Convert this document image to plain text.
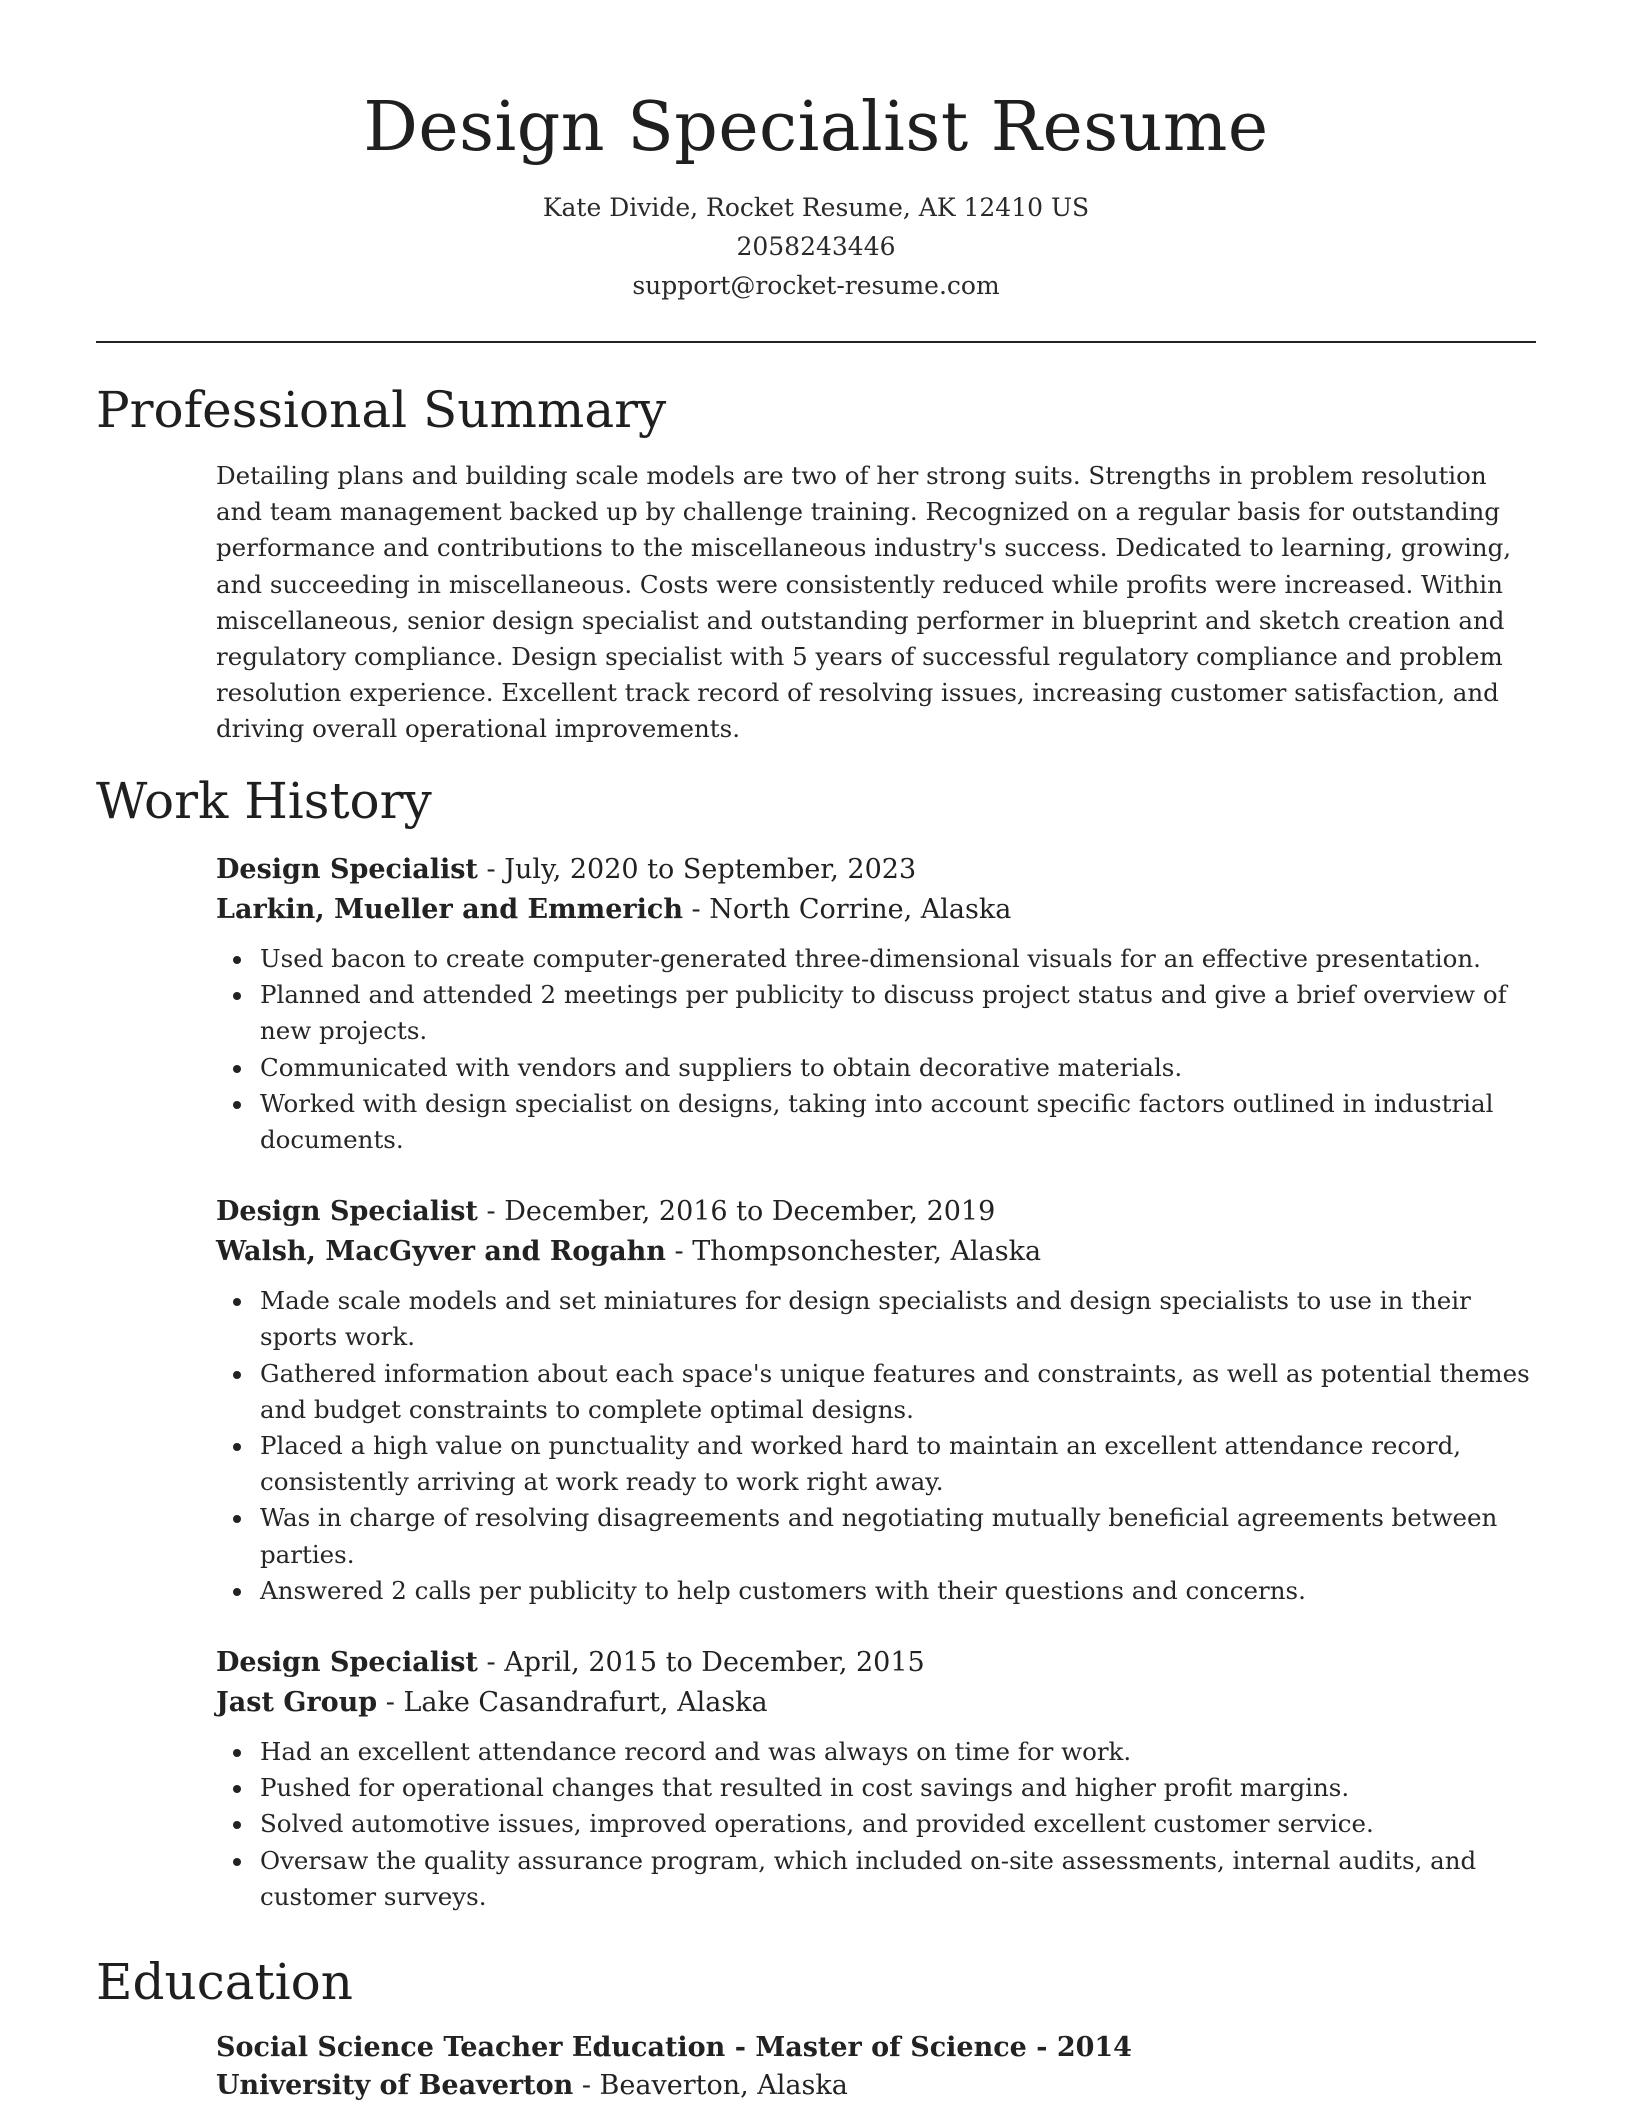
Design Specialist Resume
Kate Divide, Rocket Resume, AK 12410 US
2058243446
support@rocket-resume.com
Professional Summary

Detailing plans and building scale models are two of her strong suits. Strengths in problem resolution and team management backed up by challenge training. Recognized on a regular basis for outstanding performance and contributions to the miscellaneous industry's success. Dedicated to learning, growing, and succeeding in miscellaneous. Costs were consistently reduced while profits were increased. Within miscellaneous, senior design specialist and outstanding performer in blueprint and sketch creation and regulatory compliance. Design specialist with 5 years of successful regulatory compliance and problem resolution experience. Excellent track record of resolving issues, increasing customer satisfaction, and driving overall operational improvements.

Work History
Design Specialist - July, 2020 to September, 2023
Larkin, Mueller and Emmerich - North Corrine, Alaska
Used bacon to create computer-generated three-dimensional visuals for an effective presentation.
Planned and attended 2 meetings per publicity to discuss project status and give a brief overview of new projects.
Communicated with vendors and suppliers to obtain decorative materials.
Worked with design specialist on designs, taking into account specific factors outlined in industrial documents.
Design Specialist - December, 2016 to December, 2019
Walsh, MacGyver and Rogahn - Thompsonchester, Alaska
Made scale models and set miniatures for design specialists and design specialists to use in their sports work.
Gathered information about each space's unique features and constraints, as well as potential themes and budget constraints to complete optimal designs.
Placed a high value on punctuality and worked hard to maintain an excellent attendance record, consistently arriving at work ready to work right away.
Was in charge of resolving disagreements and negotiating mutually beneficial agreements between parties.
Answered 2 calls per publicity to help customers with their questions and concerns.
Design Specialist - April, 2015 to December, 2015
Jast Group - Lake Casandrafurt, Alaska
Had an excellent attendance record and was always on time for work.
Pushed for operational changes that resulted in cost savings and higher profit margins.
Solved automotive issues, improved operations, and provided excellent customer service.
Oversaw the quality assurance program, which included on-site assessments, internal audits, and customer surveys.
Education
Social Science Teacher Education - Master of Science - 2014
University of Beaverton - Beaverton, Alaska
